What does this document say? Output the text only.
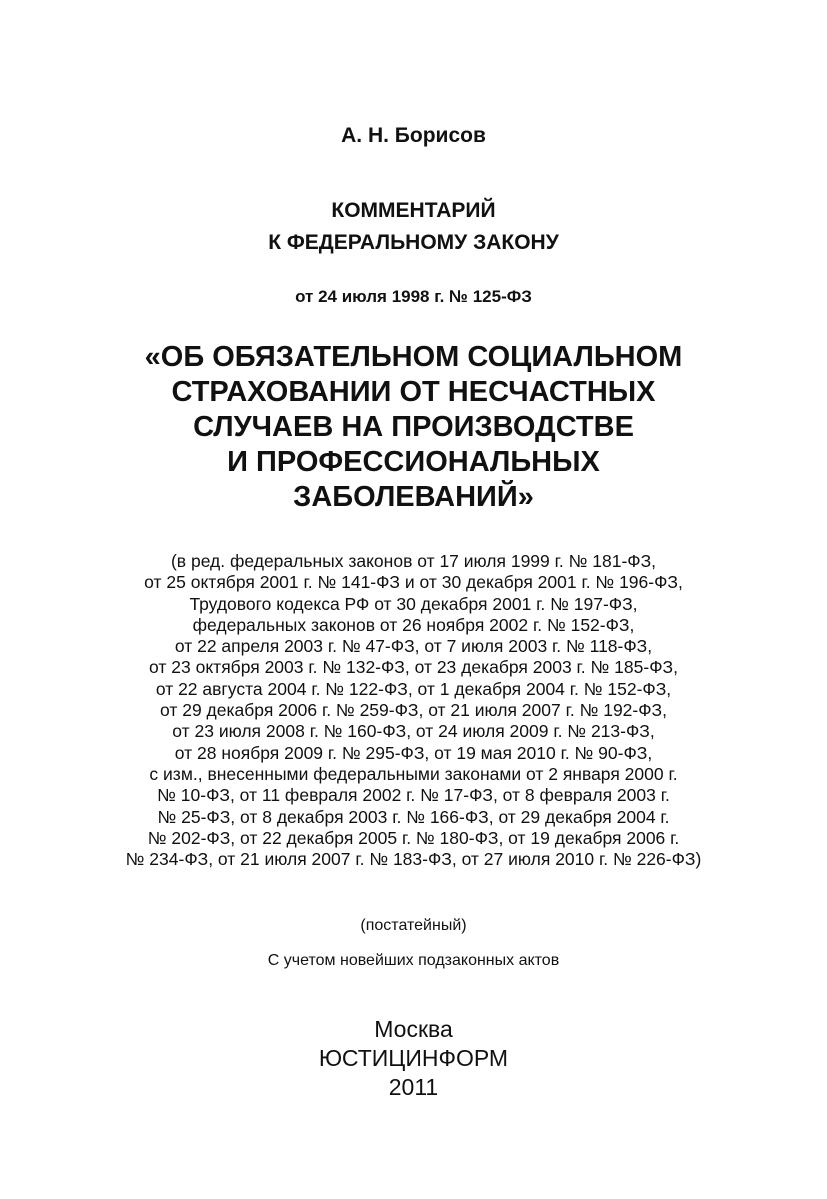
А. Н. Борисов
КОММЕНТАРИЙ
К ФЕДЕРАЛЬНОМУ ЗАКОНУ
от 24 июля 1998 г. № 125-ФЗ
«ОБ ОБЯЗАТЕЛЬНОМ СОЦИАЛЬНОМ
СТРАХОВАНИИ ОТ НЕСЧАСТНЫХ
СЛУЧАЕВ НА ПРОИЗВОДСТВЕ
И ПРОФЕССИОНАЛЬНЫХ
ЗАБОЛЕВАНИЙ»
(в ред. федеральных законов от 17 июля 1999 г. № 181-ФЗ,
от 25 октября 2001 г. № 141-ФЗ и от 30 декабря 2001 г. № 196-ФЗ,
Трудового кодекса РФ от 30 декабря 2001 г. № 197-ФЗ,
федеральных законов от 26 ноября 2002 г. № 152-ФЗ,
от 22 апреля 2003 г. № 47-ФЗ, от 7 июля 2003 г. № 118-ФЗ,
от 23 октября 2003 г. № 132-ФЗ, от 23 декабря 2003 г. № 185-ФЗ,
от 22 августа 2004 г. № 122-ФЗ, от 1 декабря 2004 г. № 152-ФЗ,
от 29 декабря 2006 г. № 259-ФЗ, от 21 июля 2007 г. № 192-ФЗ,
от 23 июля 2008 г. № 160-ФЗ, от 24 июля 2009 г. № 213-ФЗ,
от 28 ноября 2009 г. № 295-ФЗ, от 19 мая 2010 г. № 90-ФЗ,
с изм., внесенными федеральными законами от 2 января 2000 г.
№ 10-ФЗ, от 11 февраля 2002 г. № 17-ФЗ, от 8 февраля 2003 г.
№ 25-ФЗ, от 8 декабря 2003 г. № 166-ФЗ, от 29 декабря 2004 г.
№ 202-ФЗ, от 22 декабря 2005 г. № 180-ФЗ, от 19 декабря 2006 г.
№ 234-ФЗ, от 21 июля 2007 г. № 183-ФЗ, от 27 июля 2010 г. № 226-ФЗ)
(постатейный)
С учетом новейших подзаконных актов
Москва
ЮСТИЦИНФОРМ
2011
